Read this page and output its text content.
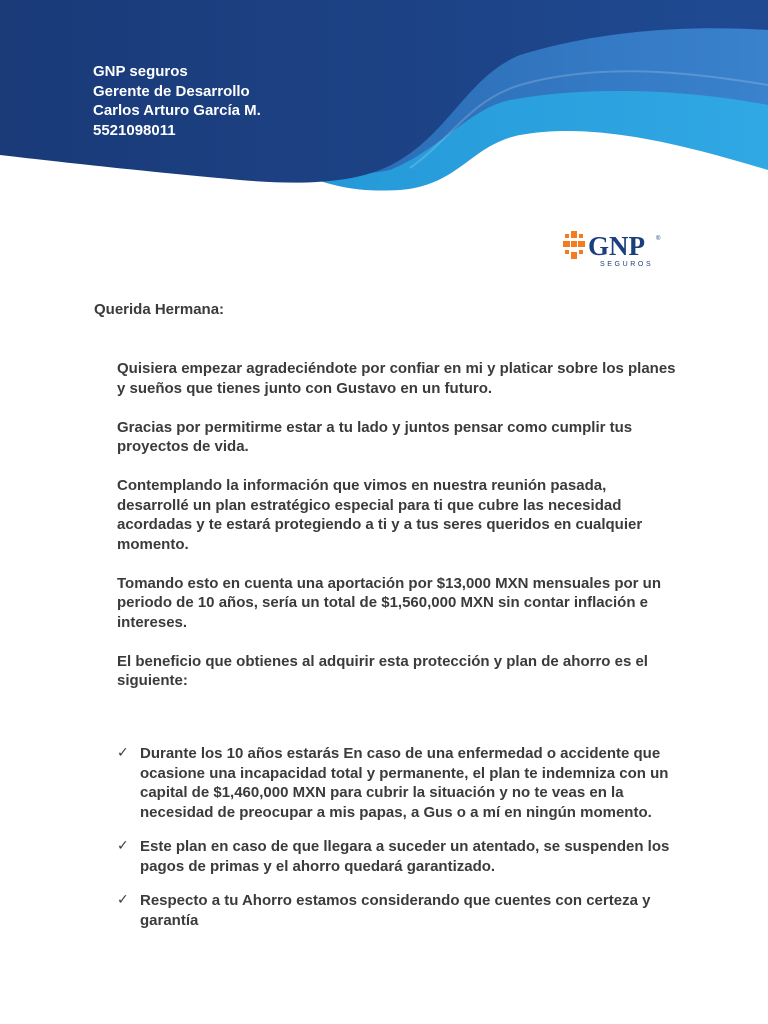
GNP seguros
Gerente de Desarrollo
Carlos Arturo García M.
5521098011
GNP ®
SEGUROS
Querida Hermana:

Quisiera empezar agradeciéndote por confiar en mi y platicar sobre los planes y sueños que tienes junto con Gustavo en un futuro.

Gracias por permitirme estar a tu lado y juntos pensar como cumplir tus proyectos de vida.

Contemplando la información que vimos en nuestra reunión pasada, desarrollé un plan estratégico especial para ti que cubre las necesidad acordadas y te estará protegiendo a ti y a tus seres queridos en cualquier momento.

Tomando esto en cuenta una aportación por $13,000 MXN mensuales por un periodo de 10 años, sería un total de $1,560,000 MXN sin contar inflación e intereses.

El beneficio que obtienes al adquirir esta protección y plan de ahorro es el siguiente:

✓ Durante los 10 años estarás En caso de una enfermedad o accidente que ocasione una incapacidad total y permanente, el plan te indemniza con un capital de $1,460,000 MXN para cubrir la situación y no te veas en la necesidad de preocupar a mis papas, a Gus o a mí en ningún momento.
✓ Este plan en caso de que llegara a suceder un atentado, se suspenden los pagos de primas y el ahorro quedará garantizado.
✓ Respecto a tu Ahorro estamos considerando que cuentes con certeza y garantía
